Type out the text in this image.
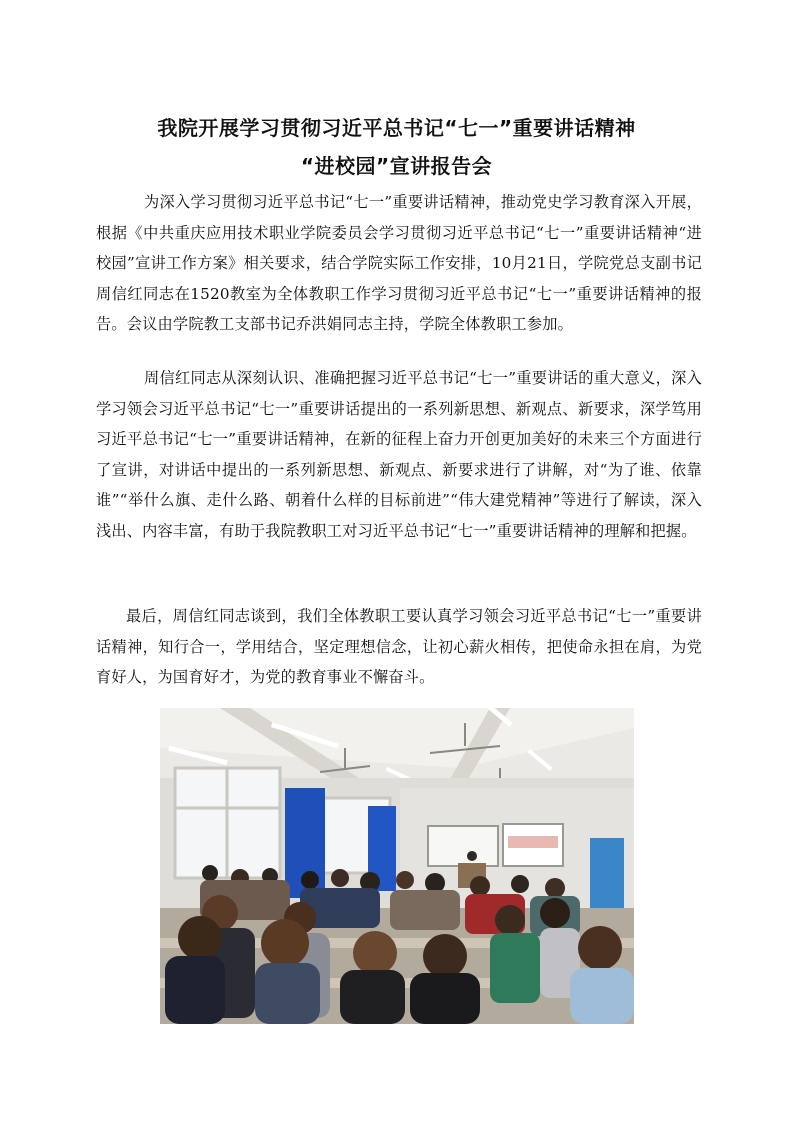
我院开展学习贯彻习近平总书记“七一”重要讲话精神
“进校园”宣讲报告会

为深入学习贯彻习近平总书记“七一”重要讲话精神，推动党史学习教育深入开展，根据《中共重庆应用技术职业学院委员会学习贯彻习近平总书记“七一”重要讲话精神“进校园”宣讲工作方案》相关要求，结合学院实际工作安排，10月21日，学院党总支副书记周信红同志在1520教室为全体教职工作学习贯彻习近平总书记“七一”重要讲话精神的报告。会议由学院教工支部书记乔洪娟同志主持，学院全体教职工参加。

周信红同志从深刻认识、准确把握习近平总书记“七一”重要讲话的重大意义，深入学习领会习近平总书记“七一”重要讲话提出的一系列新思想、新观点、新要求，深学笃用习近平总书记“七一”重要讲话精神，在新的征程上奋力开创更加美好的未来三个方面进行了宣讲，对讲话中提出的一系列新思想、新观点、新要求进行了讲解，对“为了谁、依靠谁”“举什么旗、走什么路、朝着什么样的目标前进”“伟大建党精神”等进行了解读，深入浅出、内容丰富，有助于我院教职工对习近平总书记“七一”重要讲话精神的理解和把握。

最后，周信红同志谈到，我们全体教职工要认真学习领会习近平总书记“七一”重要讲话精神，知行合一，学用结合，坚定理想信念，让初心薪火相传，把使命永担在肩，为党育好人，为国育好才，为党的教育事业不懈奋斗。
